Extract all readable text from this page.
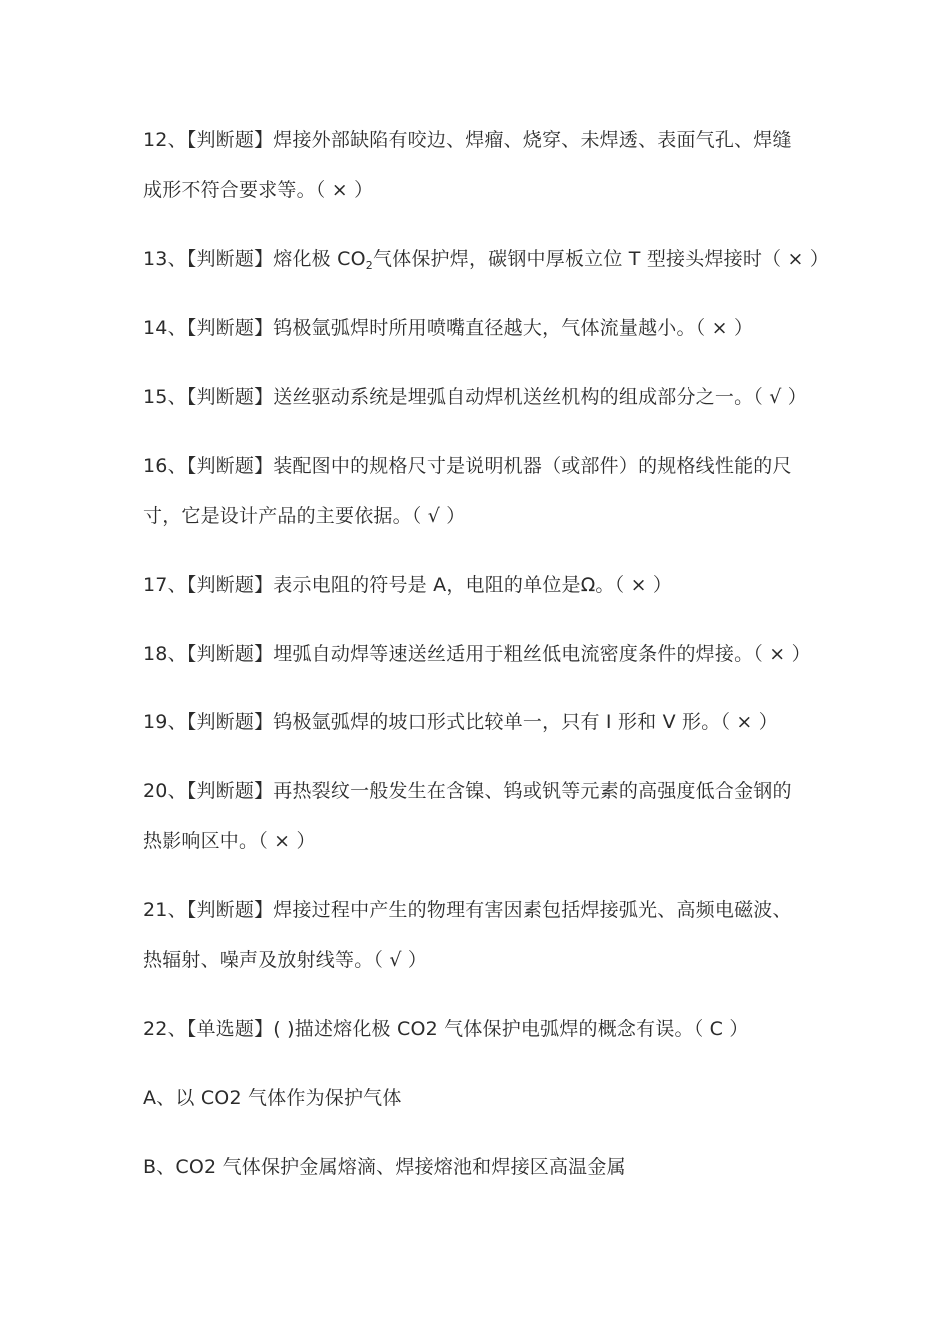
12、【判断题】焊接外部缺陷有咬边、焊瘤、烧穿、未焊透、表面气孔、焊缝
成形不符合要求等。（ × ）
13、【判断题】熔化极 $CO_2$气体保护焊，碳钢中厚板立位 T 型接头焊接时（ × ）
14、【判断题】钨极氩弧焊时所用喷嘴直径越大，气体流量越小。（ × ）
15、【判断题】送丝驱动系统是埋弧自动焊机送丝机构的组成部分之一。（ √ ）
16、【判断题】装配图中的规格尺寸是说明机器（或部件）的规格线性能的尺
寸，它是设计产品的主要依据。（ √ ）
17、【判断题】表示电阻的符号是 A，电阻的单位是Ω。（ × ）
18、【判断题】埋弧自动焊等速送丝适用于粗丝低电流密度条件的焊接。（ × ）
19、【判断题】钨极氩弧焊的坡口形式比较单一，只有 I 形和 V 形。（ × ）
20、【判断题】再热裂纹一般发生在含镍、钨或钒等元素的高强度低合金钢的
热影响区中。（ × ）
21、【判断题】焊接过程中产生的物理有害因素包括焊接弧光、高频电磁波、
热辐射、噪声及放射线等。（ √ ）
22、【单选题】( )描述熔化极 CO2 气体保护电弧焊的概念有误。（ C ）
A、以 CO2 气体作为保护气体
B、CO2 气体保护金属熔滴、焊接熔池和焊接区高温金属
